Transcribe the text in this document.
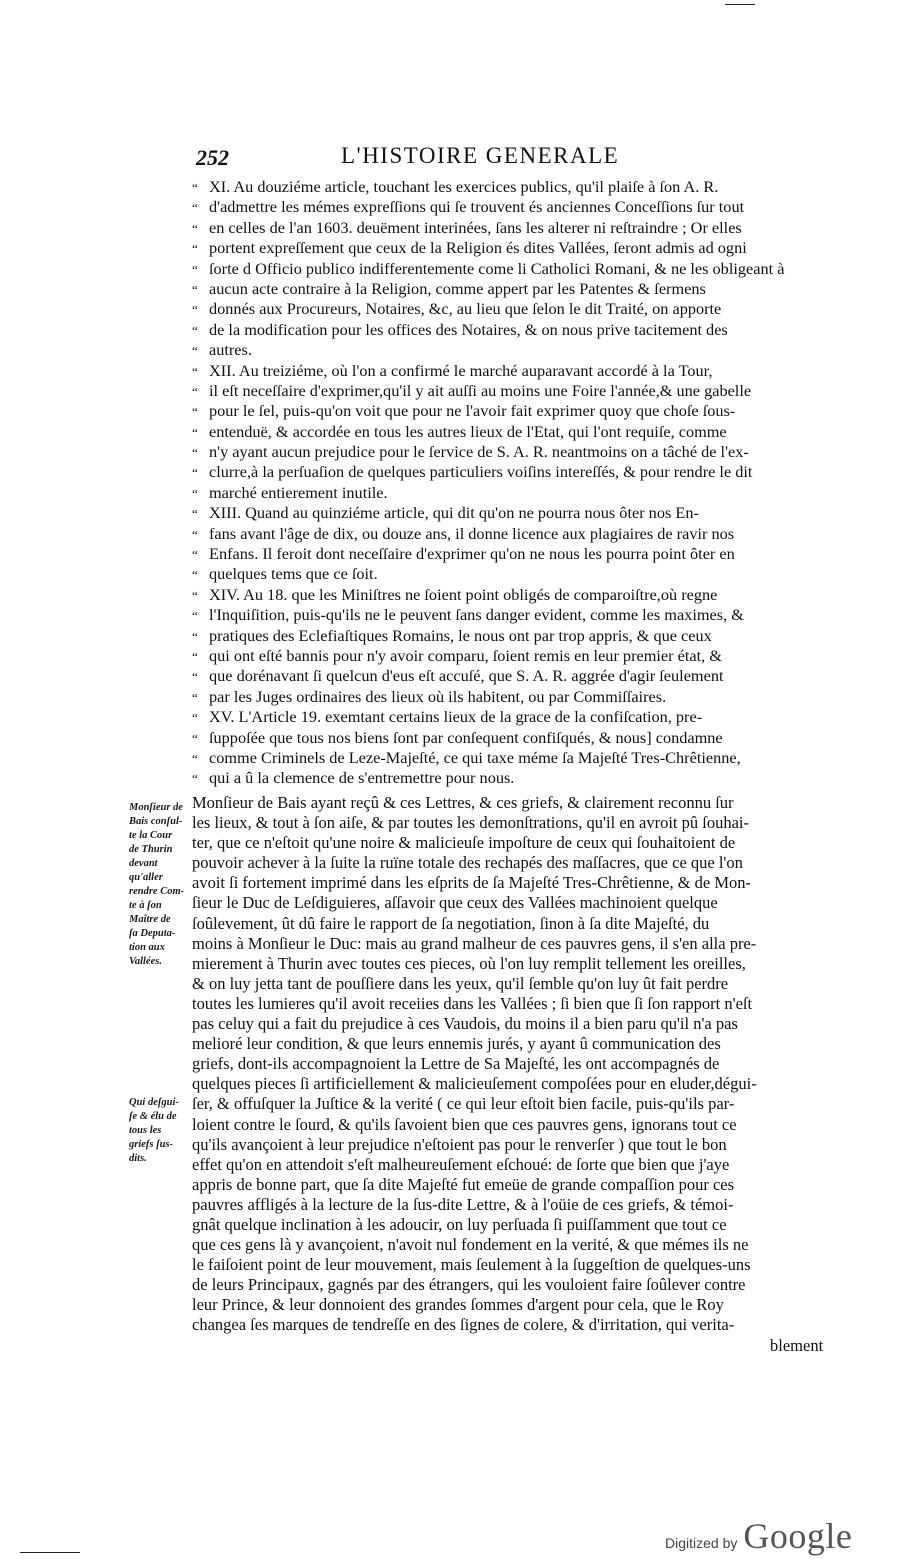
252	L'HISTOIRE GENERALE
“ XI. Au douziéme article, touchant les exercices publics, qu'il plaiſe à ſon A. R.
“ d'admettre les mémes expreſſions qui ſe trouvent és anciennes Conceſſions ſur tout
“ en celles de l'an 1603. deuëment interinées, ſans les alterer ni reſtraindre ; Or elles
“ portent expreſſement que ceux de la Religion és dites Vallées, ſeront admis ad ogni
“ ſorte d Officio publico indifferentemente come li Catholici Romani, & ne les obligeant à
“ aucun acte contraire à la Religion, comme appert par les Patentes & ſermens
“ donnés aux Procureurs, Notaires, &c, au lieu que ſelon le dit Traité, on apporte
“ de la modification pour les offices des Notaires, & on nous prive tacitement des
“ autres.
“ XII. Au treiziéme, où l'on a confirmé le marché auparavant accordé à la Tour,
“ il eſt neceſſaire d'exprimer,qu'il y ait auſſi au moins une Foire l'année,& une gabelle
“ pour le ſel, puis-qu'on voit que pour ne l'avoir fait exprimer quoy que choſe ſous-
“ entenduë, & accordée en tous les autres lieux de l'Etat, qui l'ont requiſe, comme
“ n'y ayant aucun prejudice pour le ſervice de S. A. R. neantmoins on a tâché de l'ex-
“ clurre,à la perſuaſion de quelques particuliers voiſins intereſſés, & pour rendre le dit
“ marché entierement inutile.
“ XIII. Quand au quinziéme article, qui dit qu'on ne pourra nous ôter nos En-
“ fans avant l'âge de dix, ou douze ans, il donne licence aux plagiaires de ravir nos
“ Enfans. Il feroit dont neceſſaire d'exprimer qu'on ne nous les pourra point ôter en
“ quelques tems que ce ſoit.
“ XIV. Au 18. que les Miniſtres ne ſoient point obligés de comparoiſtre,où regne
“ l'Inquiſition, puis-qu'ils ne le peuvent ſans danger evident, comme les maximes, &
“ pratiques des Eclefiaſtiques Romains, le nous ont par trop appris, & que ceux
“ qui ont eſté bannis pour n'y avoir comparu, ſoient remis en leur premier état, &
“ que dorénavant ſi quelcun d'eus eſt accuſé, que S. A. R. aggrée d'agir ſeulement
“ par les Juges ordinaires des lieux où ils habitent, ou par Commiſſaires.
“ XV. L'Article 19. exemtant certains lieux de la grace de la confiſcation, pre-
“ ſuppoſée que tous nos biens ſont par conſequent confiſqués, & nous] condamne
“ comme Criminels de Leze-Majeſté, ce qui taxe méme ſa Majeſté Tres-Chrêtienne,
“ qui a û la clemence de s'entremettre pour nous.
Monſieur de
Bais conſul-
te la Cour
de Thurin
devant
qu'aller
rendre Com-
te à ſon
Maître de
ſa Deputa-
tion aux
Vallées.
Qui deſgui-
ſe & élu de
tous les
griefs ſus-
dits.
Monſieur de Bais ayant reçû & ces Lettres, & ces griefs, & clairement reconnu ſur
les lieux, & tout à ſon aiſe, & par toutes les demonſtrations, qu'il en avroit pû ſouhai-
ter, que ce n'eſtoit qu'une noire & malicieuſe impoſture de ceux qui ſouhaitoient de
pouvoir achever à la ſuite la ruïne totale des rechapés des maſſacres, que ce que l'on
avoit ſi fortement imprimé dans les eſprits de ſa Majeſté Tres-Chrêtienne, & de Mon-
ſieur le Duc de Leſdiguieres, aſſavoir que ceux des Vallées machinoient quelque
ſoûlevement, ût dû faire le rapport de ſa negotiation, ſinon à ſa dite Majeſté, du
moins à Monſieur le Duc: mais au grand malheur de ces pauvres gens, il s'en alla pre-
mierement à Thurin avec toutes ces pieces, où l'on luy remplit tellement les oreilles,
& on luy jetta tant de pouſſiere dans les yeux, qu'il ſemble qu'on luy ût fait perdre
toutes les lumieres qu'il avoit receiies dans les Vallées ; ſi bien que ſi ſon rapport n'eſt
pas celuy qui a fait du prejudice à ces Vaudois, du moins il a bien paru qu'il n'a pas
melioré leur condition, & que leurs ennemis jurés, y ayant û communication des
griefs, dont-ils accompagnoient la Lettre de Sa Majeſté, les ont accompagnés de
quelques pieces ſi artificiellement & malicieuſement compoſées pour en eluder,dégui-
ſer, & offuſquer la Juſtice & la verité ( ce qui leur eſtoit bien facile, puis-qu'ils par-
loient contre le ſourd, & qu'ils ſavoient bien que ces pauvres gens, ignorans tout ce
qu'ils avançoient à leur prejudice n'eſtoient pas pour le renverſer ) que tout le bon
effet qu'on en attendoit s'eſt malheureuſement eſchoué: de ſorte que bien que j'aye
appris de bonne part, que ſa dite Majeſté fut emeüe de grande compaſſion pour ces
pauvres affligés à la lecture de la ſus-dite Lettre, & à l'oüie de ces griefs, & témoi-
gnât quelque inclination à les adoucir, on luy perſuada ſi puiſſamment que tout ce
que ces gens là y avançoient, n'avoit nul fondement en la verité, & que mémes ils ne
le faiſoient point de leur mouvement, mais ſeulement à la ſuggeſtion de quelques-uns
de leurs Principaux, gagnés par des étrangers, qui les vouloient faire ſoûlever contre
leur Prince, & leur donnoient des grandes ſommes d'argent pour cela, que le Roy
changea ſes marques de tendreſſe en des ſignes de colere, & d'irritation, qui verita-
blement
Digitized by Google
